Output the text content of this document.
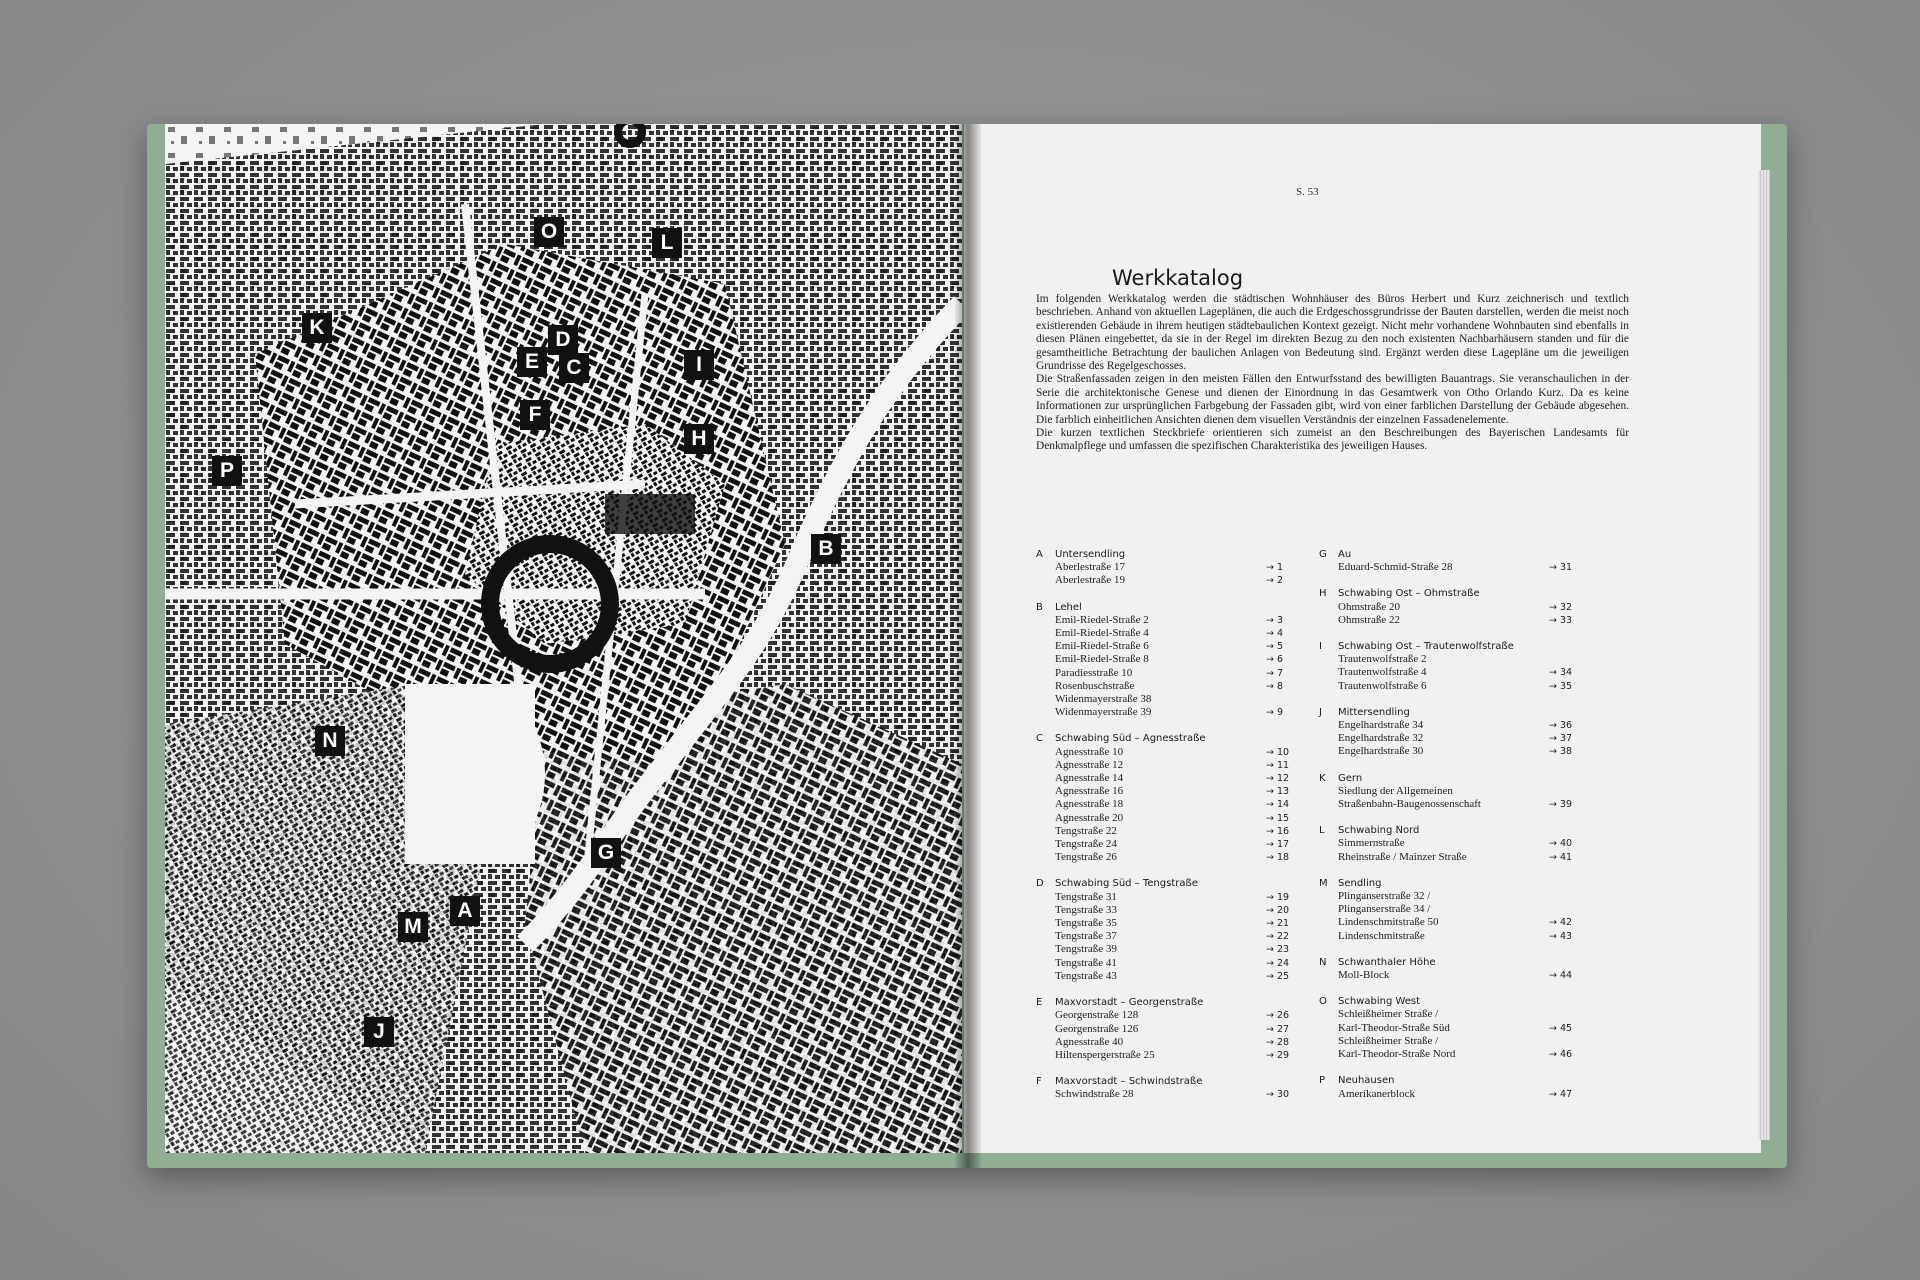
O	L
K
D
E	C	I
F
H
P
B
N
G
A
M
J
S. 53
Werkkatalog

Im folgenden Werkkatalog werden die städtischen Wohnhäuser des Büros Herbert und Kurz zeichnerisch und textlich beschrieben. Anhand von aktuellen Lageplänen, die auch die Erdgeschossgrundrisse der Bauten darstellen, werden die meist noch existierenden Gebäude in ihrem heutigen städtebaulichen Kontext gezeigt. Nicht mehr vorhandene Wohnbauten sind ebenfalls in diesen Plänen eingebettet, da sie in der Regel im direkten Bezug zu den noch existenten Nachbarhäusern standen und für die gesamtheitliche Betrachtung der baulichen Anlagen von Bedeutung sind. Ergänzt werden diese Lagepläne um die jeweiligen Grundrisse des Regelgeschosses.

Die Straßenfassaden zeigen in den meisten Fällen den Entwurfsstand des bewilligten Bauantrags. Sie veranschaulichen in der Serie die architektonische Genese und dienen der Einordnung in das Gesamtwerk von Otho Orlando Kurz. Da es keine Informationen zur ursprünglichen Farbgebung der Fassaden gibt, wird von einer farblichen Darstellung der Gebäude abgesehen. Die farblich einheitlichen Ansichten dienen dem visuellen Verständnis der einzelnen Fassadenelemente.

Die kurzen textlichen Steckbriefe orientieren sich zumeist an den Beschreibungen des Bayerischen Landesamts für Denkmalpflege und umfassen die spezifischen Charakteristika des jeweiligen Hauses.

A	Untersendling
Aberlestraße 17	→ 1
Aberlestraße 19	→ 2
B	Lehel
Emil-Riedel-Straße 2	→ 3
Emil-Riedel-Straße 4	→ 4
Emil-Riedel-Straße 6	→ 5
Emil-Riedel-Straße 8	→ 6
Paradiesstraße 10	→ 7
Rosenbuschstraße	→ 8
Widenmayerstraße 38
Widenmayerstraße 39	→ 9
C	Schwabing Süd – Agnesstraße
Agnesstraße 10	→ 10
Agnesstraße 12	→ 11
Agnesstraße 14	→ 12
Agnesstraße 16	→ 13
Agnesstraße 18	→ 14
Agnesstraße 20	→ 15
Tengstraße 22	→ 16
Tengstraße 24	→ 17
Tengstraße 26	→ 18
D	Schwabing Süd – Tengstraße
Tengstraße 31	→ 19
Tengstraße 33	→ 20
Tengstraße 35	→ 21
Tengstraße 37	→ 22
Tengstraße 39	→ 23
Tengstraße 41	→ 24
Tengstraße 43	→ 25
E	Maxvorstadt – Georgenstraße
Georgenstraße 128	→ 26
Georgenstraße 126	→ 27
Agnesstraße 40	→ 28
Hiltenspergerstraße 25	→ 29
F	Maxvorstadt – Schwindstraße
Schwindstraße 28	→ 30
G	Au
Eduard-Schmid-Straße 28	→ 31
H	Schwabing Ost – Ohmstraße
Ohmstraße 20	→ 32
Ohmstraße 22	→ 33
I	Schwabing Ost – Trautenwolfstraße
Trautenwolfstraße 2
Trautenwolfstraße 4	→ 34
Trautenwolfstraße 6	→ 35
J	Mittersendling
Engelhardstraße 34	→ 36
Engelhardstraße 32	→ 37
Engelhardstraße 30	→ 38
K	Gern
Siedlung der Allgemeinen
Straßenbahn-Baugenossenschaft	→ 39
L	Schwabing Nord
Simmernstraße	→ 40
Rheinstraße / Mainzer Straße	→ 41
M	Sendling
Plinganserstraße 32 /
Plinganserstraße 34 /
Lindenschmitstraße 50	→ 42
Lindenschmitstraße	→ 43
N	Schwanthaler Höhe
Moll-Block	→ 44
O	Schwabing West
Schleißheimer Straße /
Karl-Theodor-Straße Süd	→ 45
Schleißheimer Straße /
Karl-Theodor-Straße Nord	→ 46
P	Neuhausen
Amerikanerblock	→ 47
